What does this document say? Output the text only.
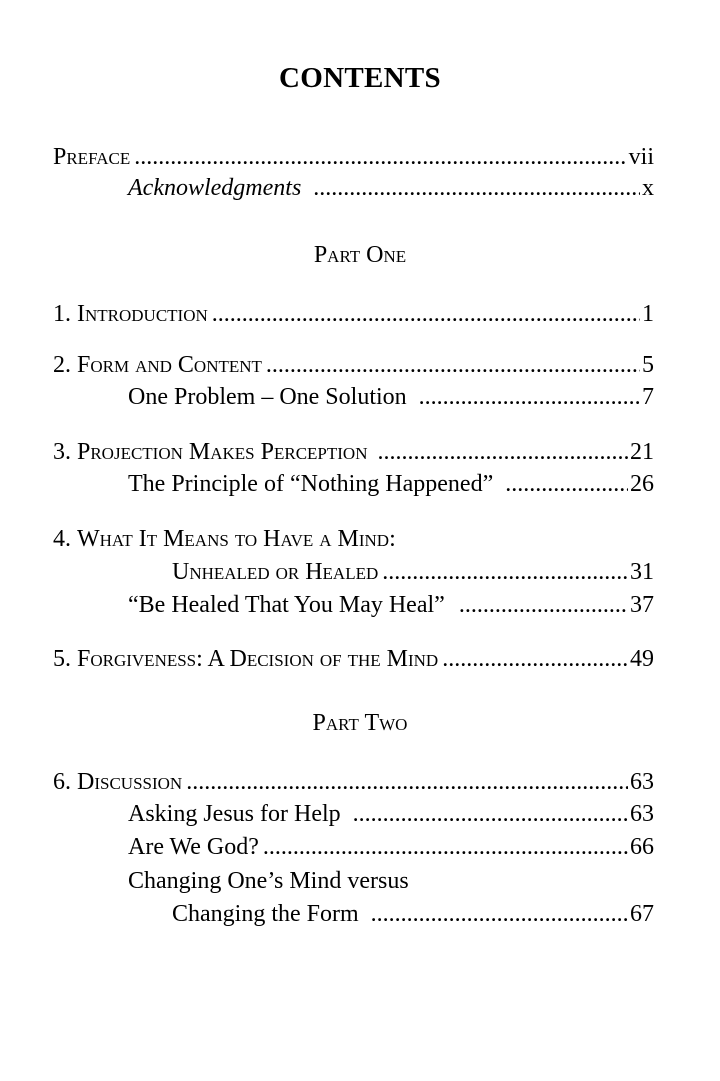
CONTENTS
Preface .....	vii
Acknowledgments .....	x
Part One
1. Introduction .....	1
2. Form and Content .....	5
One Problem – One Solution .....	7
3. Projection Makes Perception .....	21
The Principle of “Nothing Happened” .....	26
4. What It Means to Have a Mind:
Unhealed or Healed .....	31
“Be Healed That You May Heal” .....	37
5. Forgiveness: A Decision of the Mind .....	49
Part Two
6. Discussion .....	63
Asking Jesus for Help .....	63
Are We God? .....	66
Changing One’s Mind versus
Changing the Form .....	67
